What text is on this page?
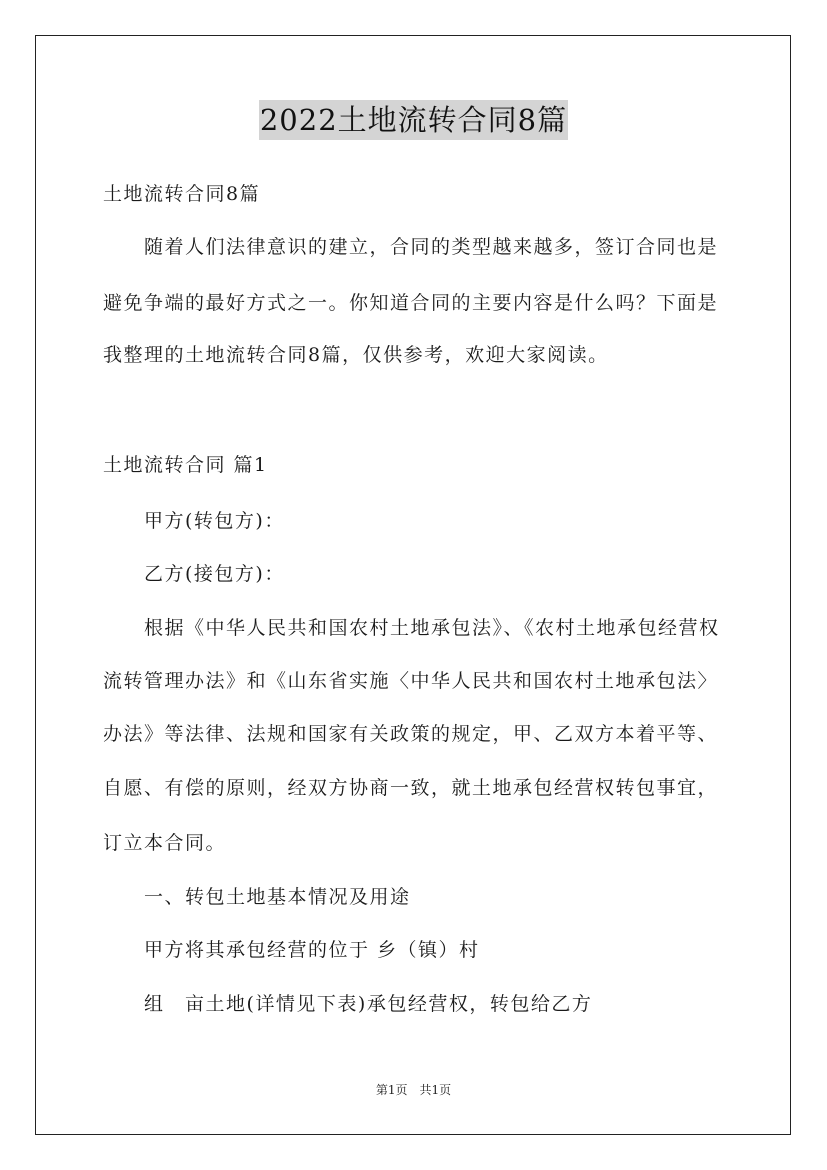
2022土地流转合同8篇
土地流转合同8篇
随着人们法律意识的建立，合同的类型越来越多，签订合同也是
避免争端的最好方式之一。你知道合同的主要内容是什么吗？下面是
我整理的土地流转合同8篇，仅供参考，欢迎大家阅读。
土地流转合同 篇1
甲方(转包方)：
乙方(接包方)：
根据《中华人民共和国农村土地承包法》、《农村土地承包经营权
流转管理办法》和《山东省实施〈中华人民共和国农村土地承包法〉
办法》等法律、法规和国家有关政策的规定，甲、乙双方本着平等、
自愿、有偿的原则，经双方协商一致，就土地承包经营权转包事宜，
订立本合同。
一、转包土地基本情况及用途
甲方将其承包经营的位于 乡（镇）村
组　亩土地(详情见下表)承包经营权，转包给乙方
第1页　共1页
